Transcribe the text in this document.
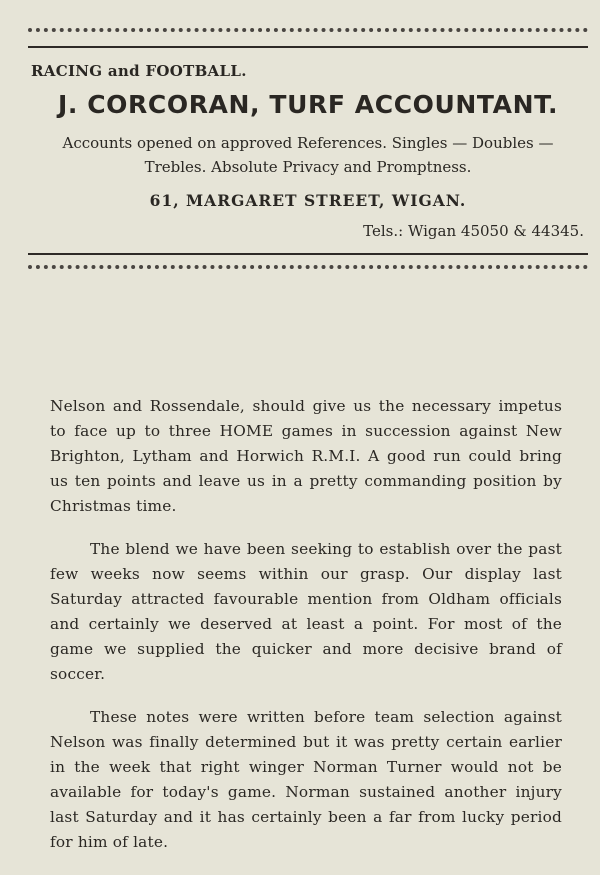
RACING and FOOTBALL.
J. CORCORAN, TURF ACCOUNTANT.

Accounts opened on approved References. Singles — Doubles —

Trebles. Absolute Privacy and Promptness.

61, MARGARET STREET, WIGAN.
Tels.: Wigan 45050 & 44345.

Nelson and Rossendale, should give us the necessary impetus to face up to three HOME games in succession against New Brighton, Lytham and Horwich R.M.I. A good run could bring us ten points and leave us in a pretty commanding position by Christmas time.

The blend we have been seeking to establish over the past few weeks now seems within our grasp. Our display last Saturday attracted favourable mention from Oldham officials and certainly we deserved at least a point. For most of the game we supplied the quicker and more decisive brand of soccer.

These notes were written before team selection against Nelson was finally determined but it was pretty certain earlier in the week that right winger Norman Turner would not be available for today's game. Norman sustained another injury last Saturday and it has certainly been a far from lucky period for him of late.
